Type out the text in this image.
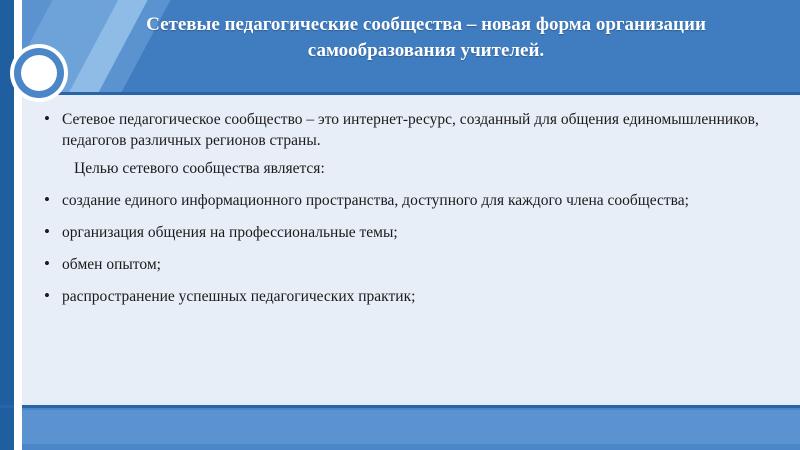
• Сетевое педагогическое сообщество – это интернет-ресурс, созданный для общения единомышленников, педагогов различных регионов страны.
Целью сетевого сообщества является:
• создание единого информационного пространства, доступного для каждого члена сообщества;
• организация общения на профессиональные темы;
• обмен опытом;
• распространение успешных педагогических практик;
Сетевые педагогические сообщества – новая форма организации самообразования учителей.
